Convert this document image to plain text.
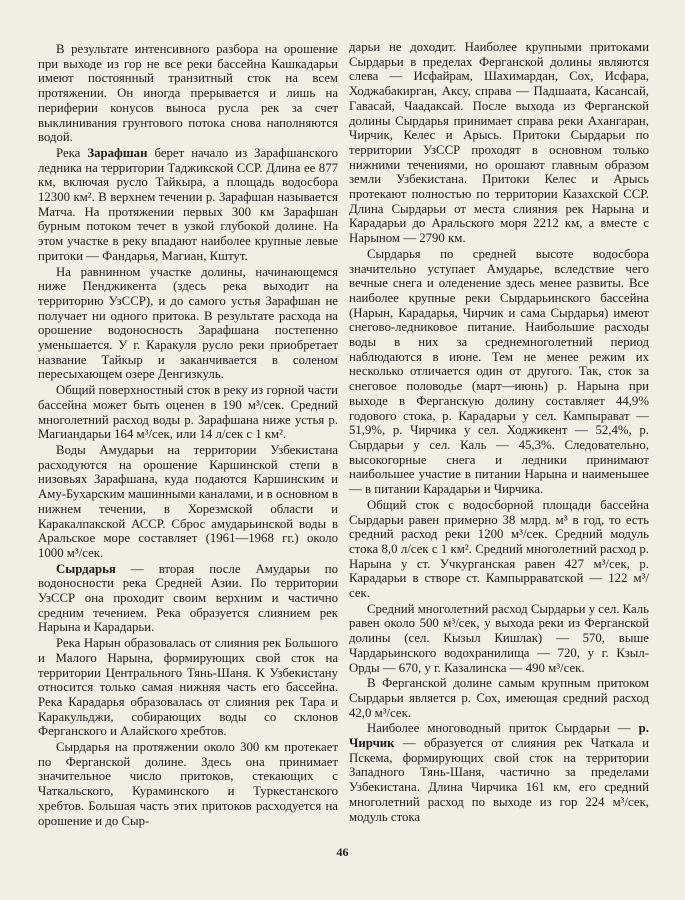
В результате интенсивного разбора на орошение при выходе из гор не все реки бассейна Кашкадарьи имеют постоянный транзитный сток на всем протяжении. Он иногда прерывается и лишь на периферии конусов выноса русла рек за счет выклинивания грунтового потока снова наполняются водой.

Река Зарафшан берет начало из Зарафшанского ледника на территории Таджикской ССР. Длина ее 877 км, включая русло Тайкыра, а площадь водосбора 12300 км². В верхнем течении р. Зарафшан называется Матча. На протяжении первых 300 км Зарафшан бурным потоком течет в узкой глубокой долине. На этом участке в реку впадают наиболее крупные левые притоки — Фандарья, Магиан, Кштут.

На равнинном участке долины, начинающемся ниже Пенджикента (здесь река выходит на территорию УзССР), и до самого устья Зарафшан не получает ни одного притока. В результате расхода на орошение водоносность Зарафшана постепенно уменьшается. У г. Каракуля русло реки приобретает название Тайкыр и заканчивается в соленом пересыхающем озере Денгизкуль.

Общий поверхностный сток в реку из горной части бассейна может быть оценен в 190 м³/сек. Средний многолетний расход воды р. Зарафшана ниже устья р. Магиандарьи 164 м³/сек, или 14 л/сек с 1 км².

Воды Амударьи на территории Узбекистана расходуются на орошение Каршинской степи в низовьях Зарафшана, куда подаются Каршинским и Аму-Бухарским машинными каналами, и в основном в нижнем течении, в Хорезмской области и Каракалпакской АССР. Сброс амударьинской воды в Аральское море составляет (1961—1968 гг.) около 1000 м³/сек.

Сырдарья — вторая после Амударьи по водоносности река Средней Азии. По территории УзССР она проходит своим верхним и частично средним течением. Река образуется слиянием рек Нарына и Карадарьи.

Река Нарын образовалась от слияния рек Большого и Малого Нарына, формирующих свой сток на территории Центрального Тянь-Шаня. К Узбекистану относится только самая нижняя часть его бассейна. Река Карадарья образовалась от слияния рек Тара и Каракульджи, собирающих воды со склонов Ферганского и Алайского хребтов.

Сырдарья на протяжении около 300 км протекает по Ферганской долине. Здесь она принимает значительное число притоков, стекающих с Чаткальского, Кураминского и Туркестанского хребтов. Большая часть этих притоков расходуется на орошение и до Сыр-

дарьи не доходит. Наиболее крупными притоками Сырдарьи в пределах Ферганской долины являются слева — Исфайрам, Шахимардан, Сох, Исфара, Ходжабакирган, Аксу, справа — Падшаата, Касансай, Гавасай, Чаадаксай. После выхода из Ферганской долины Сырдарья принимает справа реки Ахангаран, Чирчик, Келес и Арысь. Притоки Сырдарьи по территории УзССР проходят в основном только нижними течениями, но орошают главным образом земли Узбекистана. Притоки Келес и Арысь протекают полностью по территории Казахской ССР. Длина Сырдарьи от места слияния рек Нарына и Карадарьи до Аральского моря 2212 км, а вместе с Нарыном — 2790 км.

Сырдарья по средней высоте водосбора значительно уступает Амударье, вследствие чего вечные снега и оледенение здесь менее развиты. Все наиболее крупные реки Сырдарьинского бассейна (Нарын, Карадарья, Чирчик и сама Сырдарья) имеют снегово-ледниковое питание. Наибольшие расходы воды в них за среднемноголетний период наблюдаются в июне. Тем не менее режим их несколько отличается один от другого. Так, сток за снеговое половодье (март—июнь) р. Нарына при выходе в Ферганскую долину составляет 44,9% годового стока, р. Карадарьи у сел. Кампырават — 51,9%, р. Чирчика у сел. Ходжикент — 52,4%, р. Сырдарьи у сел. Каль — 45,3%. Следовательно, высокогорные снега и ледники принимают наибольшее участие в питании Нарына и наименьшее — в питании Карадарьи и Чирчика.

Общий сток с водосборной площади бассейна Сырдарьи равен примерно 38 млрд. м³ в год, то есть средний расход реки 1200 м³/сек. Средний модуль стока 8,0 л/сек с 1 км². Средний многолетний расход р. Нарына у ст. Учкурганская равен 427 м³/сек, р. Карадарьи в створе ст. Кампырраватской — 122 м³/сек.

Средний многолетний расход Сырдарьи у сел. Каль равен около 500 м³/сек, у выхода реки из Ферганской долины (сел. Кызыл Кишлак) — 570, выше Чардарьинского водохранилища — 720, у г. Кзыл-Орды — 670, у г. Казалинска — 490 м³/сек.

В Ферганской долине самым крупным притоком Сырдарьи является р. Сох, имеющая средний расход 42,0 м³/сек.

Наиболее многоводный приток Сырдарьи — р. Чирчик — образуется от слияния рек Чаткала и Пскема, формирующих свой сток на территории Западного Тянь-Шаня, частично за пределами Узбекистана. Длина Чирчика 161 км, его средний многолетний расход по выходе из гор 224 м³/сек, модуль стока

46
